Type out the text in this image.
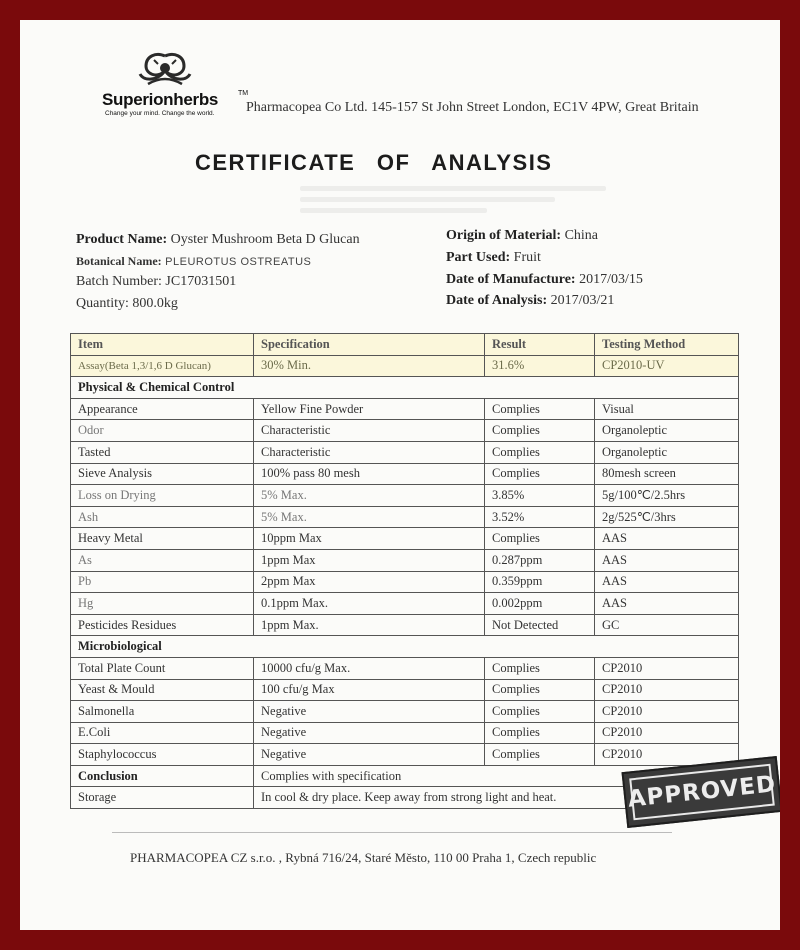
Superionherbs	TM
Change your mind. Change the world. Pharmacopea Co Ltd. 145-157 St John Street London, EC1V 4PW, Great Britain
CERTIFICATE OF ANALYSIS
Product Name: Oyster Mushroom Beta D Glucan
Botanical Name: PLEUROTUS OSTREATUS
Batch Number: JC17031501
Quantity: 800.0kg
Origin of Material: China
Part Used: Fruit
Date of Manufacture: 2017/03/15
Date of Analysis: 2017/03/21
Item	Specification	Result	Testing Method
Assay(Beta 1,3/1,6 D Glucan)	30% Min.	31.6%	CP2010-UV
Physical & Chemical Control			
Appearance	Yellow Fine Powder	Complies	Visual
Odor	Characteristic	Complies	Organoleptic
Tasted	Characteristic	Complies	Organoleptic
Sieve Analysis	100% pass 80 mesh	Complies	80mesh screen
Loss on Drying	5% Max.	3.85%	5g/100℃/2.5hrs
Ash	5% Max.	3.52%	2g/525℃/3hrs
Heavy Metal	10ppm Max	Complies	AAS
As	1ppm Max	0.287ppm	AAS
Pb	2ppm Max	0.359ppm	AAS
Hg	0.1ppm Max.	0.002ppm	AAS
Pesticides Residues	1ppm Max.	Not Detected	GC
Microbiological			
Total Plate Count	10000 cfu/g Max.	Complies	CP2010
Yeast & Mould	100 cfu/g Max	Complies	CP2010
Salmonella	Negative	Complies	CP2010
E.Coli	Negative	Complies	CP2010
Staphylococcus	Negative	Complies	CP2010
Conclusion	Complies with specification		
Storage	In cool & dry place. Keep away from strong light and heat.			APPROVED
PHARMACOPEA CZ s.r.o. , Rybná 716/24, Staré Město, 110 00 Praha 1, Czech republic
